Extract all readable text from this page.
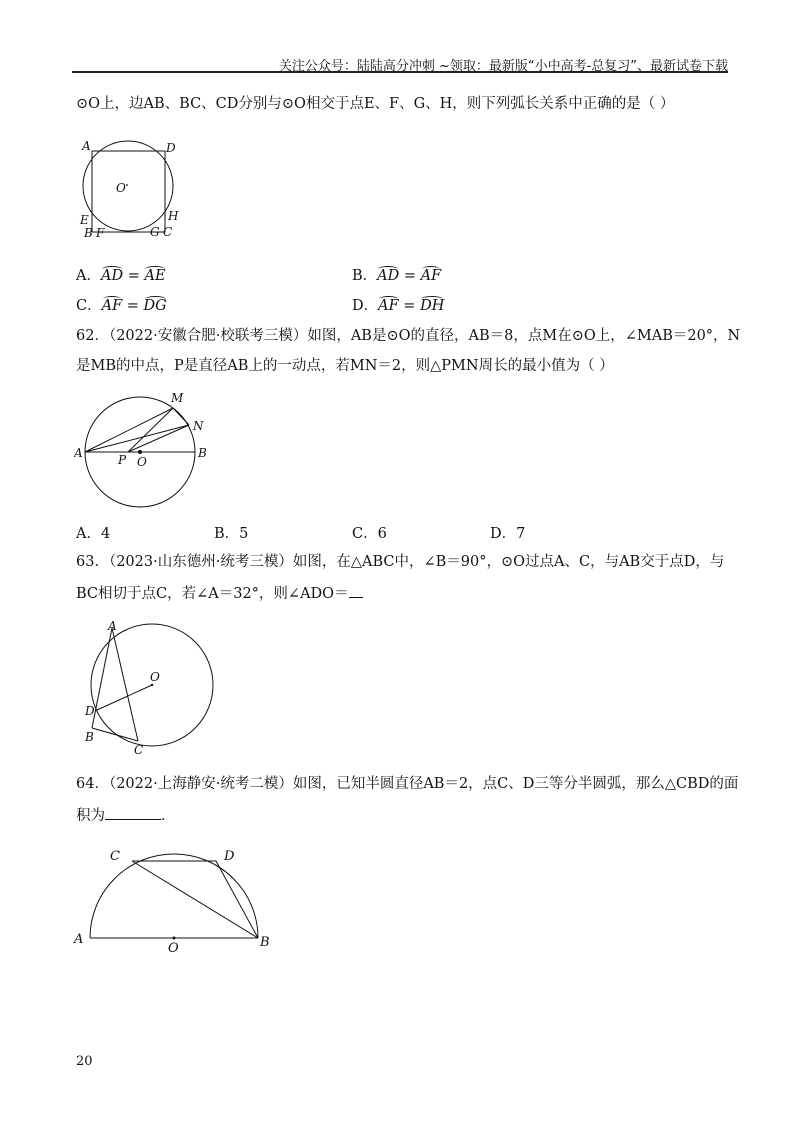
关注公众号：陆陆高分冲刺 ~领取：最新版“小中高考-总复习”、最新试卷下载
⊙O上，边AB、BC、CD分别与⊙O相交于点E、F、G、H，则下列弧长关系中正确的是（ ）
A	D
O
E	H
B F	G C
A．AD = AE	B．AD = AF
C．AF = DG	D．AF = DH
62．（2022·安徽合肥·校联考三模）如图，AB是⊙O的直径，AB＝8，点M在⊙O上，∠MAB＝20°，N
是MB的中点，P是直径AB上的一动点，若MN＝2，则△PMN周长的最小值为（ ）
M
N
A	P O
B
A．4	B．5	C．6	D．7
63．（2023·山东德州·统考三模）如图，在△ABC中，∠B＝90°，⊙O过点A、C，与AB交于点D，与
BC相切于点C，若∠A＝32°，则∠ADO＝
A
O
D
B
C
64．（2022·上海静安·统考二模）如图，已知半圆直径AB＝2，点C、D三等分半圆弧，那么△CBD的面
积为	．
C	D
A
O	B
20
